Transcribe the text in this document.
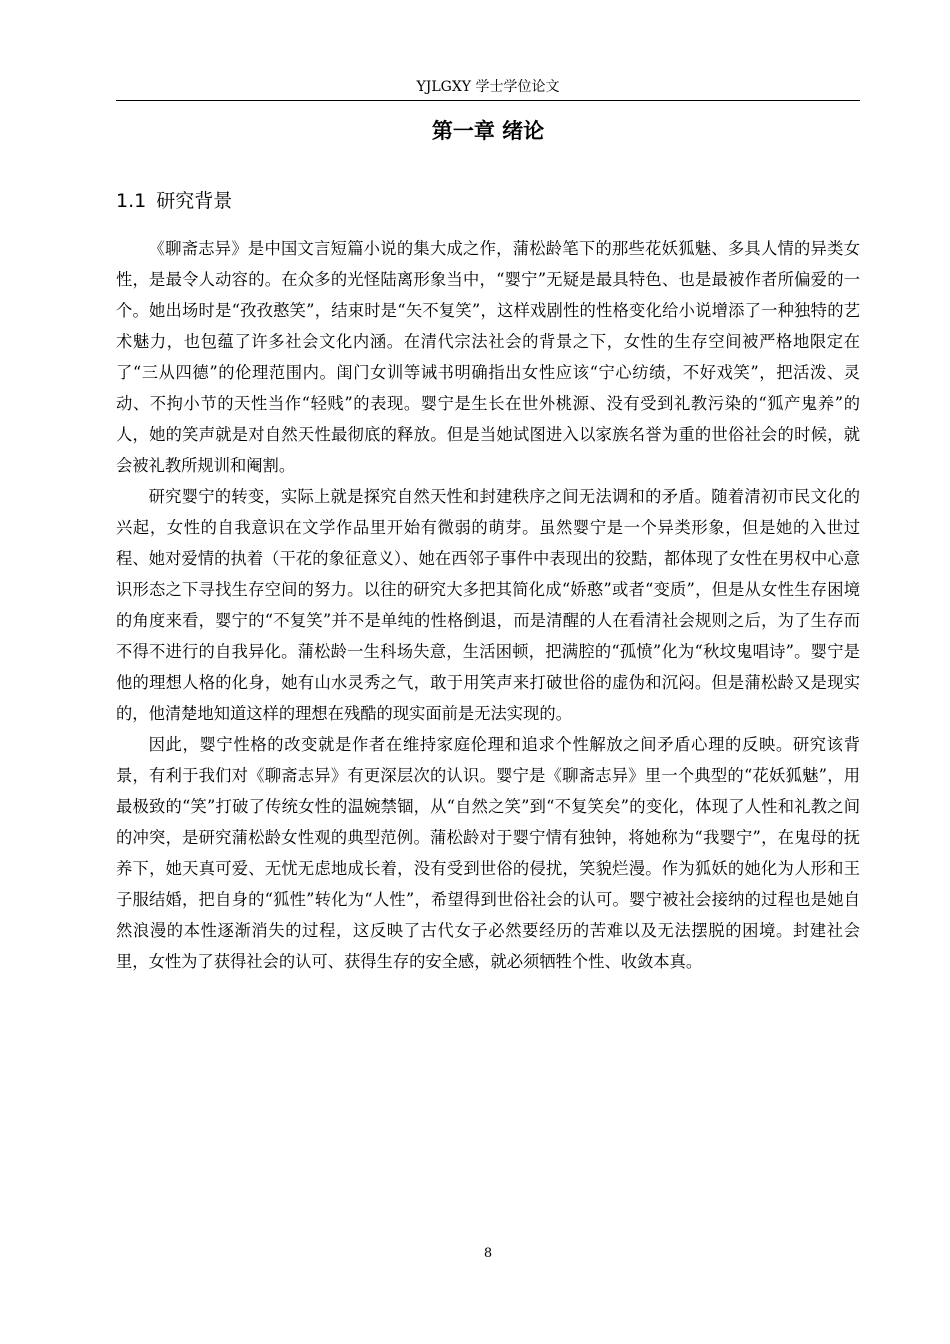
YJLGXY 学士学位论文
第一章 绪论
1.1 研究背景

《聊斋志异》是中国文言短篇小说的集大成之作，蒲松龄笔下的那些花妖狐魅、多具人情的异类女性，是最令人动容的。在众多的光怪陆离形象当中，“婴宁”无疑是最具特色、也是最被作者所偏爱的一个。她出场时是“孜孜憨笑”，结束时是“矢不复笑”，这样戏剧性的性格变化给小说增添了一种独特的艺术魅力，也包蕴了许多社会文化内涵。在清代宗法社会的背景之下，女性的生存空间被严格地限定在了“三从四德”的伦理范围内。闺门女训等诫书明确指出女性应该“宁心纺绩，不好戏笑”，把活泼、灵动、不拘小节的天性当作“轻贱”的表现。婴宁是生长在世外桃源、没有受到礼教污染的“狐产鬼养”的人，她的笑声就是对自然天性最彻底的释放。但是当她试图进入以家族名誉为重的世俗社会的时候，就会被礼教所规训和阉割。

研究婴宁的转变，实际上就是探究自然天性和封建秩序之间无法调和的矛盾。随着清初市民文化的兴起，女性的自我意识在文学作品里开始有微弱的萌芽。虽然婴宁是一个异类形象，但是她的入世过程、她对爱情的执着（干花的象征意义）、她在西邻子事件中表现出的狡黠，都体现了女性在男权中心意识形态之下寻找生存空间的努力。以往的研究大多把其简化成“娇憨”或者“变质”，但是从女性生存困境的角度来看，婴宁的“不复笑”并不是单纯的性格倒退，而是清醒的人在看清社会规则之后，为了生存而不得不进行的自我异化。蒲松龄一生科场失意，生活困顿，把满腔的“孤愤”化为“秋坟鬼唱诗”。婴宁是他的理想人格的化身，她有山水灵秀之气，敢于用笑声来打破世俗的虚伪和沉闷。但是蒲松龄又是现实的，他清楚地知道这样的理想在残酷的现实面前是无法实现的。

因此，婴宁性格的改变就是作者在维持家庭伦理和追求个性解放之间矛盾心理的反映。研究该背景，有利于我们对《聊斋志异》有更深层次的认识。婴宁是《聊斋志异》里一个典型的“花妖狐魅”，用最极致的“笑”打破了传统女性的温婉禁锢，从“自然之笑”到“不复笑矣”的变化，体现了人性和礼教之间的冲突，是研究蒲松龄女性观的典型范例。蒲松龄对于婴宁情有独钟，将她称为“我婴宁”，在鬼母的抚养下，她天真可爱、无忧无虑地成长着，没有受到世俗的侵扰，笑貌烂漫。作为狐妖的她化为人形和王子服结婚，把自身的“狐性”转化为“人性”，希望得到世俗社会的认可。婴宁被社会接纳的过程也是她自然浪漫的本性逐渐消失的过程，这反映了古代女子必然要经历的苦难以及无法摆脱的困境。封建社会里，女性为了获得社会的认可、获得生存的安全感，就必须牺牲个性、收敛本真。

8
